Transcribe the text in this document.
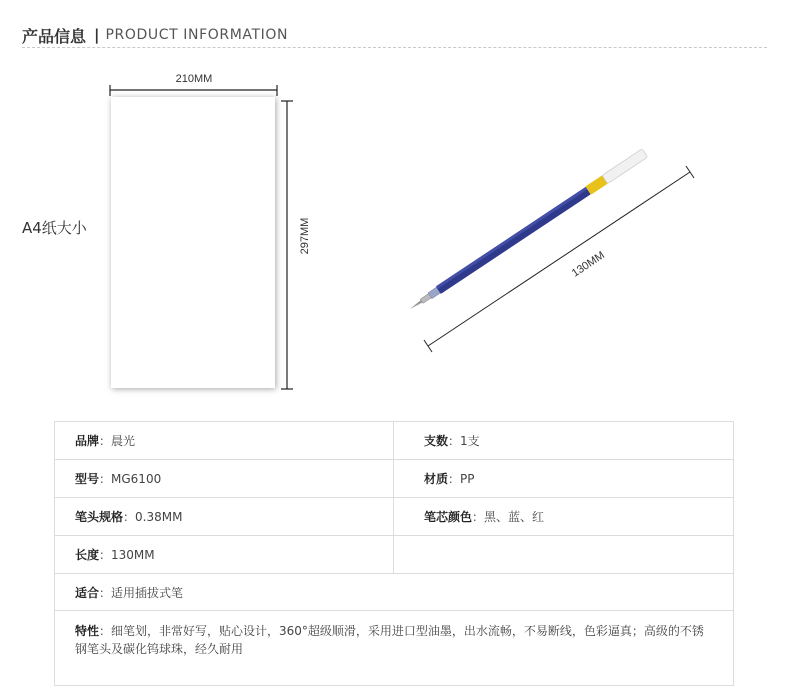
产品信息 | PRODUCT INFORMATION
A4纸大小
210MM
297MM
130MM
品牌：晨光	支数：1支
型号：MG6100	材质：PP
笔头规格：0.38MM	笔芯颜色：黑、蓝、红
长度：130MM	
适合：适用插拔式笔	
特性：细笔划，非常好写，贴心设计，360°超级顺滑，采用进口型油墨，出水流畅，不易断线，色彩逼真；高级的不锈钢笔头及碳化钨球珠，经久耐用	
